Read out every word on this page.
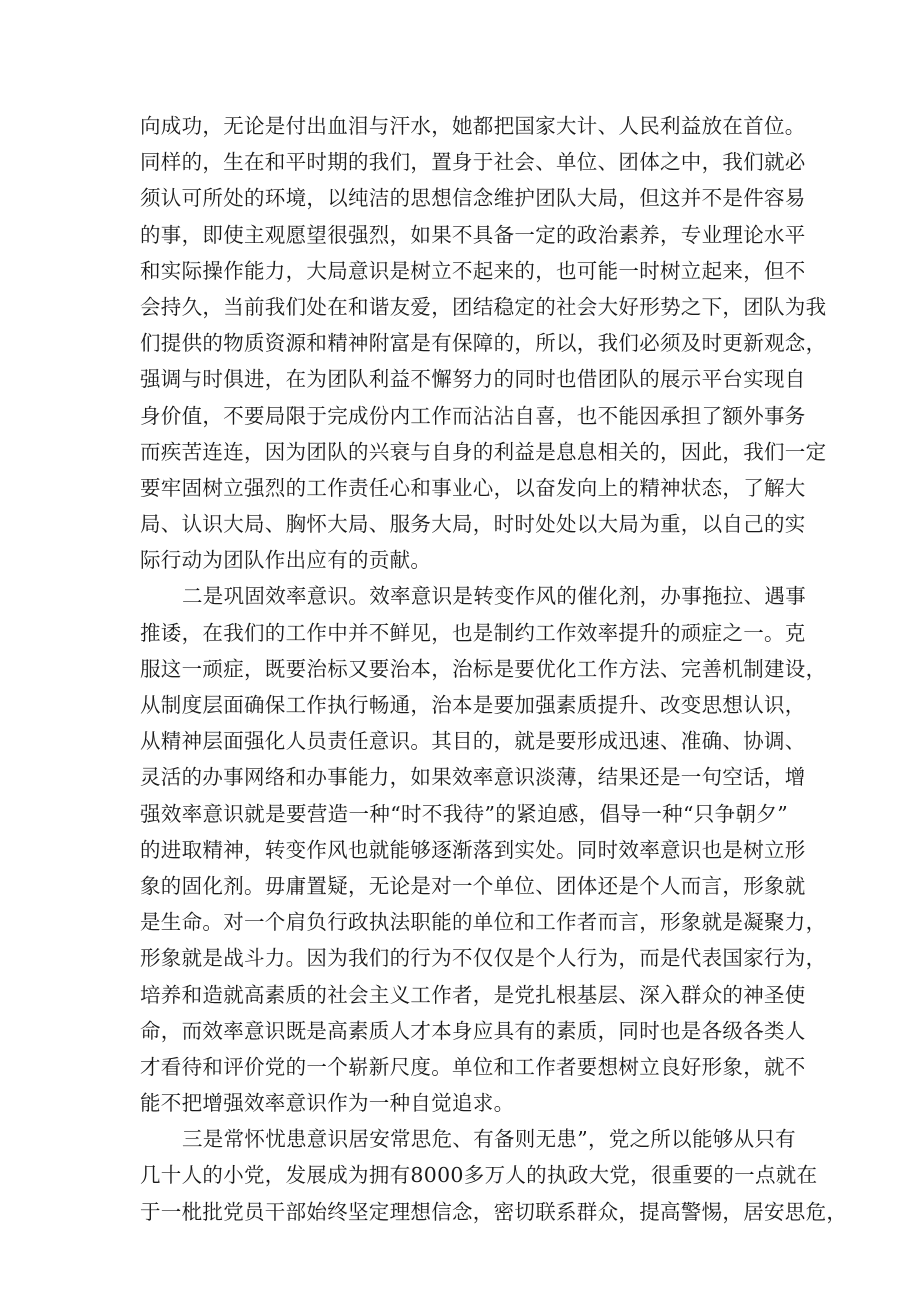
向成功，无论是付出血泪与汗水，她都把国家大计、人民利益放在首位。
同样的，生在和平时期的我们，置身于社会、单位、团体之中，我们就必
须认可所处的环境，以纯洁的思想信念维护团队大局，但这并不是件容易
的事，即使主观愿望很强烈，如果不具备一定的政治素养，专业理论水平
和实际操作能力，大局意识是树立不起来的，也可能一时树立起来，但不
会持久，当前我们处在和谐友爱，团结稳定的社会大好形势之下，团队为我
们提供的物质资源和精神附富是有保障的，所以，我们必须及时更新观念，
强调与时俱进，在为团队利益不懈努力的同时也借团队的展示平台实现自
身价值，不要局限于完成份内工作而沾沾自喜，也不能因承担了额外事务
而疾苦连连，因为团队的兴衰与自身的利益是息息相关的，因此，我们一定
要牢固树立强烈的工作责任心和事业心，以奋发向上的精神状态，了解大
局、认识大局、胸怀大局、服务大局，时时处处以大局为重，以自己的实
际行动为团队作出应有的贡献。
二是巩固效率意识。效率意识是转变作风的催化剂，办事拖拉、遇事
推诿，在我们的工作中并不鲜见，也是制约工作效率提升的顽症之一。克
服这一顽症，既要治标又要治本，治标是要优化工作方法、完善机制建设，
从制度层面确保工作执行畅通，治本是要加强素质提升、改变思想认识，
从精神层面强化人员责任意识。其目的，就是要形成迅速、准确、协调、
灵活的办事网络和办事能力，如果效率意识淡薄，结果还是一句空话，增
强效率意识就是要营造一种“时不我待”的紧迫感，倡导一种“只争朝夕”
的进取精神，转变作风也就能够逐渐落到实处。同时效率意识也是树立形
象的固化剂。毋庸置疑，无论是对一个单位、团体还是个人而言，形象就
是生命。对一个肩负行政执法职能的单位和工作者而言，形象就是凝聚力，
形象就是战斗力。因为我们的行为不仅仅是个人行为，而是代表国家行为，
培养和造就高素质的社会主义工作者，是党扎根基层、深入群众的神圣使
命，而效率意识既是高素质人才本身应具有的素质，同时也是各级各类人
才看待和评价党的一个崭新尺度。单位和工作者要想树立良好形象，就不
能不把增强效率意识作为一种自觉追求。
三是常怀忧患意识居安常思危、有备则无患”，党之所以能够从只有
几十人的小党，发展成为拥有8000多万人的执政大党，很重要的一点就在
于一枇批党员干部始终坚定理想信念，密切联系群众，提高警惕，居安思危，
